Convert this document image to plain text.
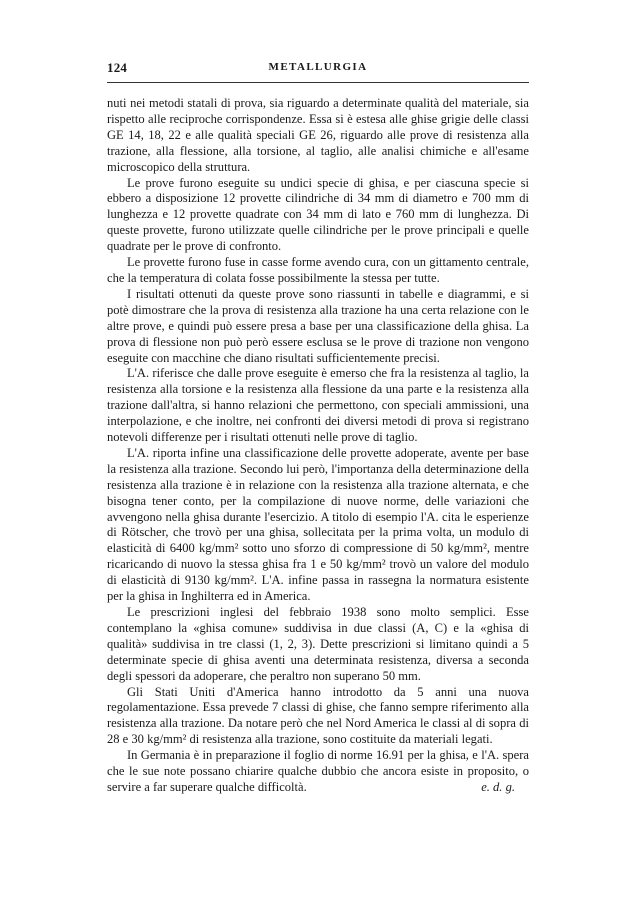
124	METALLURGIA

nuti nei metodi statali di prova, sia riguardo a determinate qualità del materiale, sia rispetto alle reciproche corrispondenze. Essa si è estesa alle ghise grigie delle classi GE 14, 18, 22 e alle qualità speciali GE 26, riguardo alle prove di resistenza alla trazione, alla flessione, alla torsione, al taglio, alle analisi chimiche e all'esame microscopico della struttura.

Le prove furono eseguite su undici specie di ghisa, e per ciascuna specie si ebbero a disposizione 12 provette cilindriche di 34 mm di diametro e 700 mm di lunghezza e 12 provette quadrate con 34 mm di lato e 760 mm di lunghezza. Di queste provette, furono utilizzate quelle cilindriche per le prove principali e quelle quadrate per le prove di confronto.

Le provette furono fuse in casse forme avendo cura, con un gittamento centrale, che la temperatura di colata fosse possibilmente la stessa per tutte.

I risultati ottenuti da queste prove sono riassunti in tabelle e diagrammi, e si potè dimostrare che la prova di resistenza alla trazione ha una certa relazione con le altre prove, e quindi può essere presa a base per una classificazione della ghisa. La prova di flessione non può però essere esclusa se le prove di trazione non vengono eseguite con macchine che diano risultati sufficientemente precisi.

L'A. riferisce che dalle prove eseguite è emerso che fra la resistenza al taglio, la resistenza alla torsione e la resistenza alla flessione da una parte e la resistenza alla trazione dall'altra, si hanno relazioni che permettono, con speciali ammissioni, una interpolazione, e che inoltre, nei confronti dei diversi metodi di prova si registrano notevoli differenze per i risultati ottenuti nelle prove di taglio.

L'A. riporta infine una classificazione delle provette adoperate, avente per base la resistenza alla trazione. Secondo lui però, l'importanza della determinazione della resistenza alla trazione è in relazione con la resistenza alla trazione alternata, e che bisogna tener conto, per la compilazione di nuove norme, delle variazioni che avvengono nella ghisa durante l'esercizio. A titolo di esempio l'A. cita le esperienze di Rötscher, che trovò per una ghisa, sollecitata per la prima volta, un modulo di elasticità di 6400 kg/mm² sotto uno sforzo di compressione di 50 kg/mm², mentre ricaricando di nuovo la stessa ghisa fra 1 e 50 kg/mm² trovò un valore del modulo di elasticità di 9130 kg/mm². L'A. infine passa in rassegna la normatura esistente per la ghisa in Inghilterra ed in America.

Le prescrizioni inglesi del febbraio 1938 sono molto semplici. Esse contemplano la «ghisa comune» suddivisa in due classi (A, C) e la «ghisa di qualità» suddivisa in tre classi (1, 2, 3). Dette prescrizioni si limitano quindi a 5 determinate specie di ghisa aventi una determinata resistenza, diversa a seconda degli spessori da adoperare, che peraltro non superano 50 mm.

Gli Stati Uniti d'America hanno introdotto da 5 anni una nuova regolamentazione. Essa prevede 7 classi di ghise, che fanno sempre riferimento alla resistenza alla trazione. Da notare però che nel Nord America le classi al di sopra di 28 e 30 kg/mm² di resistenza alla trazione, sono costituite da materiali legati.

In Germania è in preparazione il foglio di norme 16.91 per la ghisa, e l'A. spera che le sue note possano chiarire qualche dubbio che ancora esiste in proposito, o servire a far superare qualche difficoltà.	e. d. g.
